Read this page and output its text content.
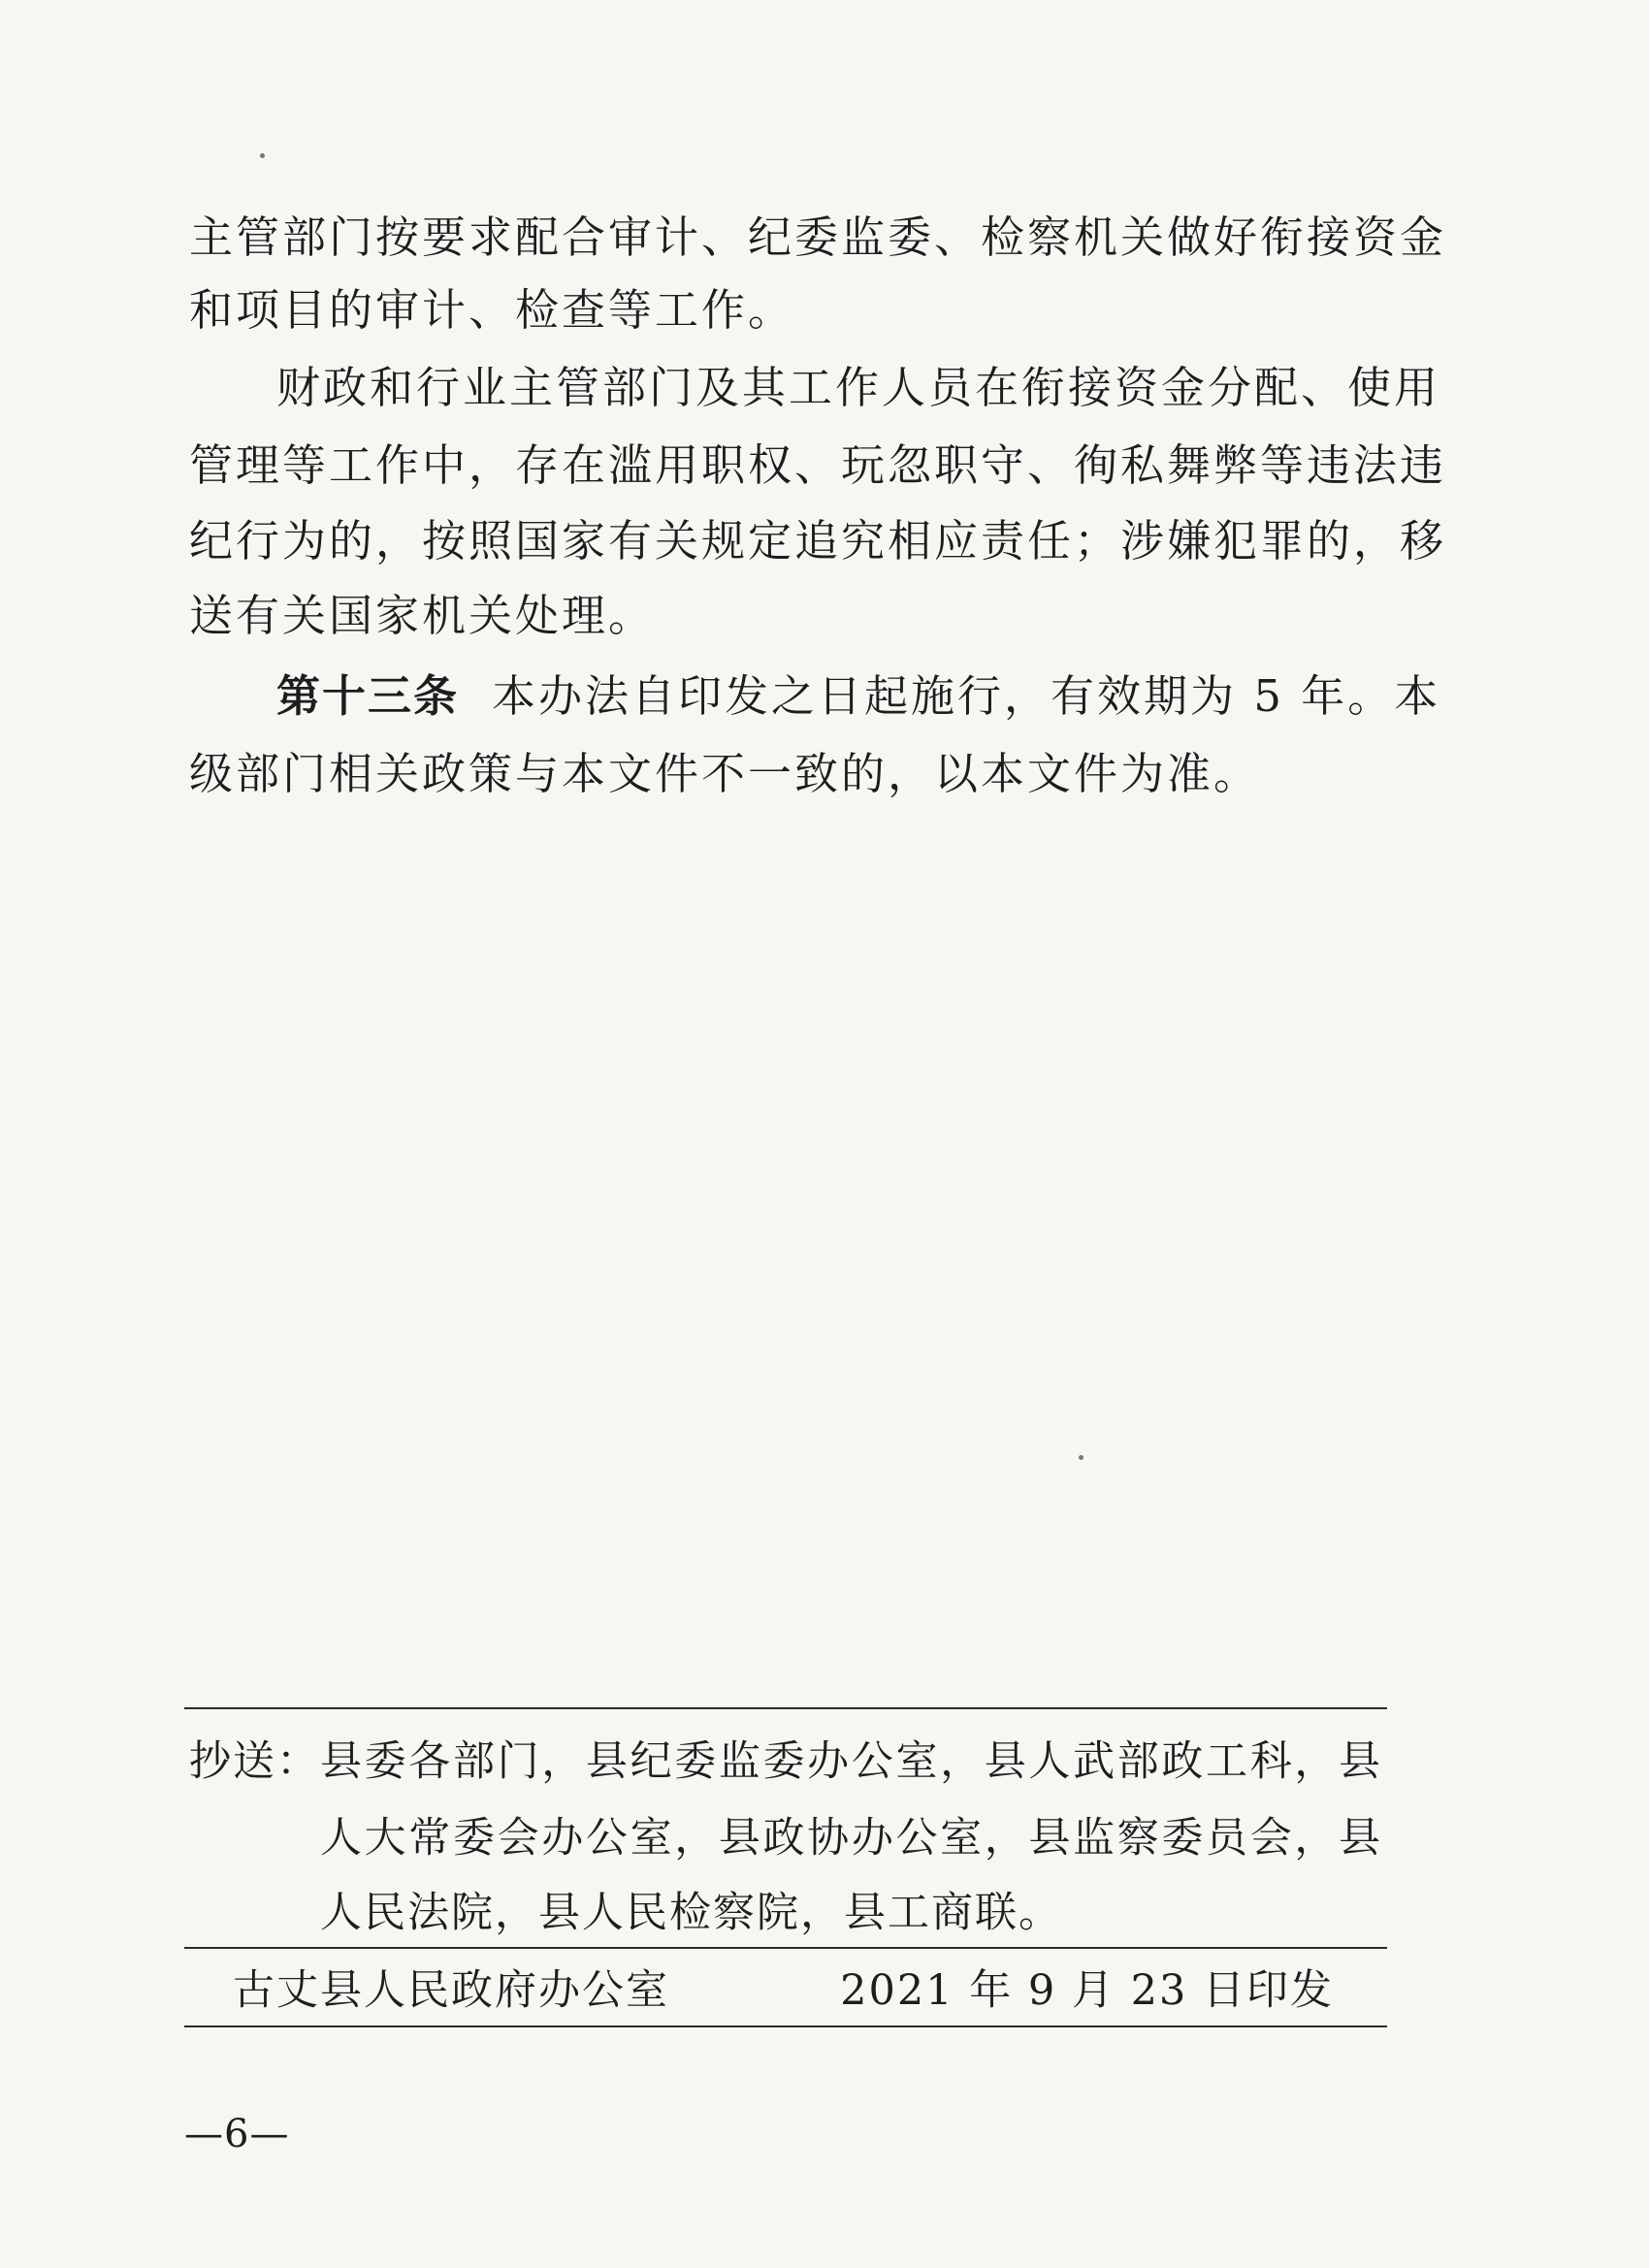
主管部门按要求配合审计、纪委监委、检察机关做好衔接资金
和项目的审计、检查等工作。
财政和行业主管部门及其工作人员在衔接资金分配、使用
管理等工作中，存在滥用职权、玩忽职守、徇私舞弊等违法违
纪行为的，按照国家有关规定追究相应责任；涉嫌犯罪的，移
送有关国家机关处理。
第十三条 本办法自印发之日起施行，有效期为 5 年。本
级部门相关政策与本文件不一致的，以本文件为准。
抄送： 县委各部门，县纪委监委办公室，县人武部政工科，县
人大常委会办公室，县政协办公室，县监察委员会，县
人民法院，县人民检察院，县工商联。
古丈县人民政府办公室	2021 年 9 月 23 日印发
—6—
